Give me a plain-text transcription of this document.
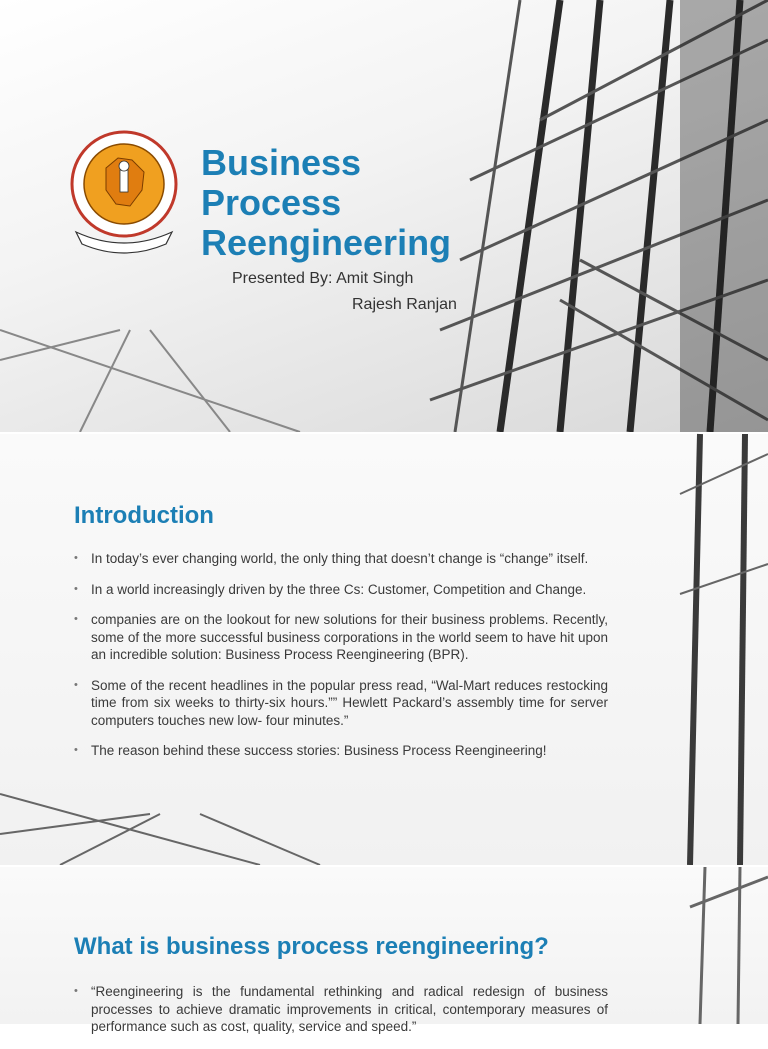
Business
Process
Reengineering
Presented By: Amit Singh
Rajesh Ranjan
Introduction
• In today’s ever changing world, the only thing that doesn’t change is “change” itself.
• In a world increasingly driven by the three Cs: Customer, Competition and Change.
• companies are on the lookout for new solutions for their business problems. Recently, some of the more successful business corporations in the world seem to have hit upon an incredible solution: Business Process Reengineering (BPR).
• Some of the recent headlines in the popular press read, “Wal-Mart reduces restocking time from six weeks to thirty-six hours.”” Hewlett Packard’s assembly time for server computers touches new low- four minutes.”
• The reason behind these success stories: Business Process Reengineering!
What is business process reengineering?
• “Reengineering is the fundamental rethinking and radical redesign of business processes to achieve dramatic improvements in critical, contemporary measures of performance such as cost, quality, service and speed.”
